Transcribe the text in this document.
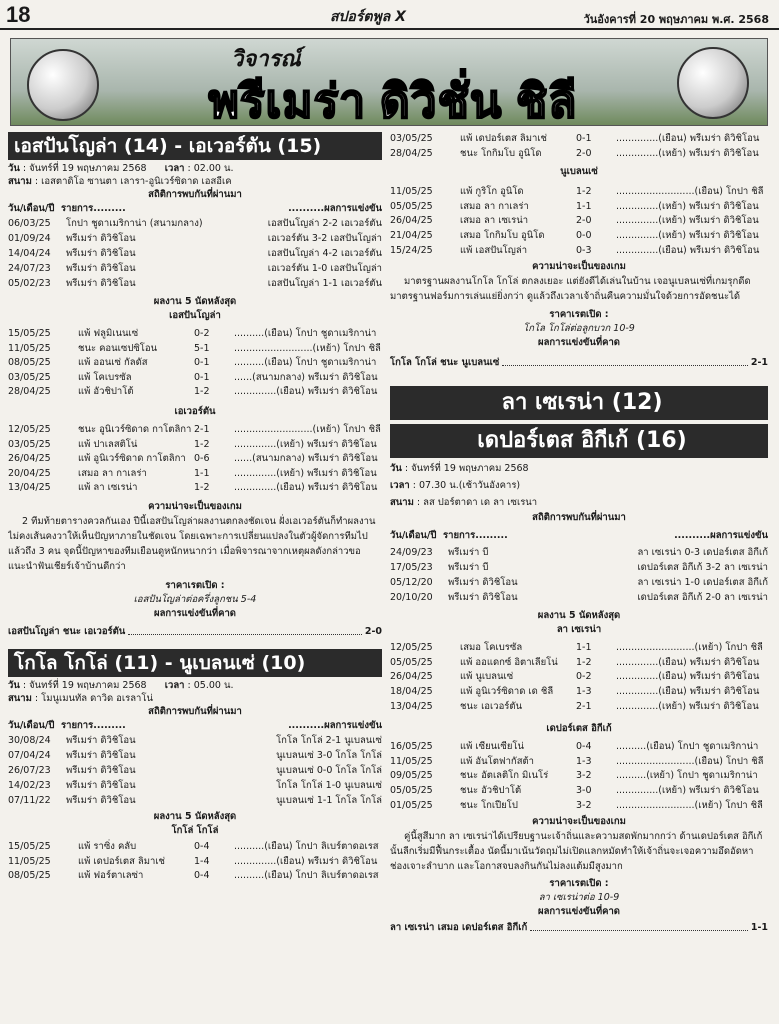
18	สปอร์ตพูล X	วันอังคารที่ 20 พฤษภาคม พ.ศ. 2568
วิจารณ์
พรีเมร่า ดิวิชั่น ชิลี
เอสปันโญล่า (14) - เอเวอร์ตัน (15)
วัน : จันทร์ที่ 19 พฤษภาคม 2568 เวลา : 02.00 น.
สนาม : เอสตาดิโอ ซานตา เลารา-อูนิเวร์ซิดาด เอสอีเค
สถิติการพบกันที่ผ่านมา
วัน/เดือน/ปี รายการ.........	..........ผลการแข่งขัน
06/03/25	โกปา ชูดาเมริกาน่า (สนามกลาง)	เอสปันโญล่า 2-2 เอเวอร์ตัน
01/09/24	พรีเมร่า ดิวิชิโอน	เอเวอร์ตัน 3-2 เอสปันโญล่า
14/04/24	พรีเมร่า ดิวิชิโอน	เอสปันโญล่า 4-2 เอเวอร์ตัน
24/07/23	พรีเมร่า ดิวิชิโอน	เอเวอร์ตัน 1-0 เอสปันโญล่า
05/02/23	พรีเมร่า ดิวิชิโอน	เอสปันโญล่า 1-1 เอเวอร์ตัน
ผลงาน 5 นัดหลังสุด
เอสปันโญล่า
15/05/25	แพ้ ฟลูมิเนนเซ่	0-2	..........(เยือน) โกปา ชูดาเมริกาน่า
11/05/25	ชนะ คอนเซปซิโอน	5-1	..........................(เหย้า) โกปา ชิลี
08/05/25	แพ้ ออนเซ่ กัลดัส	0-1	..........(เยือน) โกปา ชูดาเมริกาน่า
03/05/25	แพ้ โคเบรซัล	0-1	......(สนามกลาง) พรีเมร่า ดิวิชิโอน
28/04/25	แพ้ อัวชิปาโต้	1-2	..............(เยือน) พรีเมร่า ดิวิชิโอน
เอเวอร์ตัน
12/05/25	ชนะ อูนิเวร์ซิดาด กาโตลิกา 2-1	..........................(เหย้า) โกปา ชิลี
03/05/25	แพ้ ปาเลสติโน่	1-2	..............(เหย้า) พรีเมร่า ดิวิชิโอน
26/04/25	แพ้ อูนิเวร์ซิดาด กาโตลิกา 0-6	......(สนามกลาง) พรีเมร่า ดิวิชิโอน
20/04/25	เสมอ ลา กาเลร่า	1-1	..............(เหย้า) พรีเมร่า ดิวิชิโอน
13/04/25	แพ้ ลา เซเรน่า	1-2	..............(เยือน) พรีเมร่า ดิวิชิโอน
ความน่าจะเป็นของเกม
2 ทีมท้ายตารางควลกันเอง ปีนี้เอสปันโญล่าผลงานตกลงชัดเจน ฝั่งเอเวอร์ตันก็ทำผลงานไม่คงเส้นคงวาให้เห็นปัญหาภายในชัดเจน โดยเฉพาะการเปลี่ยนแปลงในตัวผู้จัดการทีมไปแล้วถึง 3 คน จุดนี้ปัญหาของทีมเยือนดูหนักหนากว่า เมื่อพิจารณาจากเหตุผลดังกล่าวขอแนะนำฟันเชียร์เจ้าบ้านดีกว่า
ราคาเรตเปิด :
เอสปันโญล่าต่อครึ่งลูกชน 5-4
ผลการแข่งขันที่คาด
เอสปันโญล่า ชนะ เอเวอร์ตัน	2-0
โกโล โกโล่ (11) - นูเบลนเซ่ (10)
วัน : จันทร์ที่ 19 พฤษภาคม 2568 เวลา : 05.00 น.
สนาม : โมนูเมนทัล ดาวิด อเรลาโน่
สถิติการพบกันที่ผ่านมา
วัน/เดือน/ปี รายการ.........	..........ผลการแข่งขัน
30/08/24	พรีเมร่า ดิวิชิโอน	โกโล โกโล่ 2-1 นูเบลนเซ่
07/04/24	พรีเมร่า ดิวิชิโอน	นูเบลนเซ่ 3-0 โกโล โกโล่
26/07/23	พรีเมร่า ดิวิชิโอน	นูเบลนเซ่ 0-0 โกโล โกโล่
14/02/23	พรีเมร่า ดิวิชิโอน	โกโล โกโล่ 1-0 นูเบลนเซ่
07/11/22	พรีเมร่า ดิวิชิโอน	นูเบลนเซ่ 1-1 โกโล โกโล่
ผลงาน 5 นัดหลังสุด
โกโล่ โกโล่
15/05/25	แพ้ ราซิ่ง คลับ	0-4	..........(เยือน) โกปา ลิเบร์ตาดอเรส
11/05/25	แพ้ เดปอร์เตส ลิมาเช่	1-4	..............(เยือน) พรีเมร่า ดิวิชิโอน
08/05/25	แพ้ ฟอร์ตาเลซ่า	0-4	..........(เยือน) โกปา ลิเบร์ตาดอเรส
03/05/25	แพ้ เดปอร์เตส ลิมาเช่	0-1	..............(เยือน) พรีเมร่า ดิวิชิโอน
28/04/25	ชนะ โกกิมโบ อูนิโด	2-0	..............(เหย้า) พรีเมร่า ดิวิชิโอน
นูเบลนเซ่
11/05/25	แพ้ กูริโก อูนิโด	1-2	..........................(เยือน) โกปา ชิลี
05/05/25	เสมอ ลา กาเลร่า	1-1	..............(เหย้า) พรีเมร่า ดิวิชิโอน
26/04/25	เสมอ ลา เซเรน่า	2-0	..............(เหย้า) พรีเมร่า ดิวิชิโอน
21/04/25	เสมอ โกกิมโบ อูนิโด	0-0	..............(เหย้า) พรีเมร่า ดิวิชิโอน
15/24/25	แพ้ เอสปันโญล่า	0-3	..............(เยือน) พรีเมร่า ดิวิชิโอน
ความน่าจะเป็นของเกม
มาตรฐานผลงานโกโล โกโล่ ตกลงเยอะ แต่ยังดีได้เล่นในบ้าน เจอนูเบลนเซ่ที่เกมรุกดีด มาตรฐานฟอร์มการเล่นแย่ยิ่งกว่า ดูแล้วถึงเวลาเจ้าถิ่นคืนความมั่นใจด้วยการอัดชนะได้
ราคาเรตเปิด :
โกโล โกโล่ต่อลูกบวก 10-9
ผลการแข่งขันที่คาด
โกโล โกโล่ ชนะ นูเบลนเซ่	2-1
ลา เซเรน่า (12)
เดปอร์เตส อิกีเก้ (16)
วัน : จันทร์ที่ 19 พฤษภาคม 2568
เวลา : 07.30 น.(เช้าวันอังคาร)
สนาม : ลส ปอร์ตาดา เด ลา เซเรนา
สถิติการพบกันที่ผ่านมา
วัน/เดือน/ปี รายการ.........	..........ผลการแข่งขัน
24/09/23	พรีเมร่า บี	ลา เซเรน่า 0-3 เดปอร์เตส อิกีเก้
17/05/23	พรีเมร่า บี	เดปอร์เตส อิกีเก้ 3-2 ลา เซเรน่า
05/12/20	พรีเมร่า ดิวิชิโอน	ลา เซเรน่า 1-0 เดปอร์เตส อิกีเก้
20/10/20	พรีเมร่า ดิวิชิโอน	เดปอร์เตส อิกีเก้ 2-0 ลา เซเรน่า
ผลงาน 5 นัดหลังสุด
ลา เซเรน่า
12/05/25	เสมอ โคเบรซัล	1-1	..........................(เหย้า) โกปา ชิลี
05/05/25	แพ้ ออแดกซ์ อิตาเลียโน่	1-2	..............(เยือน) พรีเมร่า ดิวิชิโอน
26/04/25	แพ้ นูเบลนเซ่	0-2	..............(เยือน) พรีเมร่า ดิวิชิโอน
18/04/25	แพ้ อูนิเวร์ซิดาด เด ชิลี	1-3	..............(เยือน) พรีเมร่า ดิวิชิโอน
13/04/25	ชนะ เอเวอร์ตัน	2-1	..............(เหย้า) พรีเมร่า ดิวิชิโอน
เดปอร์เตส อิกีเก้
16/05/25	แพ้ เซียนเซียโน่	0-4	..........(เยือน) โกปา ชูดาเมริกาน่า
11/05/25	แพ้ อันโตฟากัสต้า	1-3	..........................(เยือน) โกปา ชิลี
09/05/25	ชนะ อัตเลติโก มิเนโร่	3-2	..........(เหย้า) โกปา ชูดาเมริกาน่า
05/05/25	ชนะ อัวชิปาโต้	3-0	..............(เหย้า) พรีเมร่า ดิวิชิโอน
01/05/25	ชนะ โกเปียโป	3-2	..........................(เหย้า) โกปา ชิลี
ความน่าจะเป็นของเกม
คู่นี้สูสีมาก ลา เซเรน่าได้เปรียบฐานะเจ้าถิ่นและความสดพักมากกว่า ด้านเดปอร์เตส อิกีเก้นั้นลีกเริ่มมีฟื้นกระเตื้อง นัดนี้มาเน้นวัดฤมไม่เปิดแลกหมัดทำให้เจ้าถิ่นจะเจอความอึดอัดหาช่องเจาะลำบาก และโอกาสจบลงกินกันไม่ลงแต้มมีสูงมาก
ราคาเรตเปิด :
ลา เซเรน่าต่อ 10-9
ผลการแข่งขันที่คาด
ลา เซเรน่า เสมอ เดปอร์เตส อิกีเก้	1-1
